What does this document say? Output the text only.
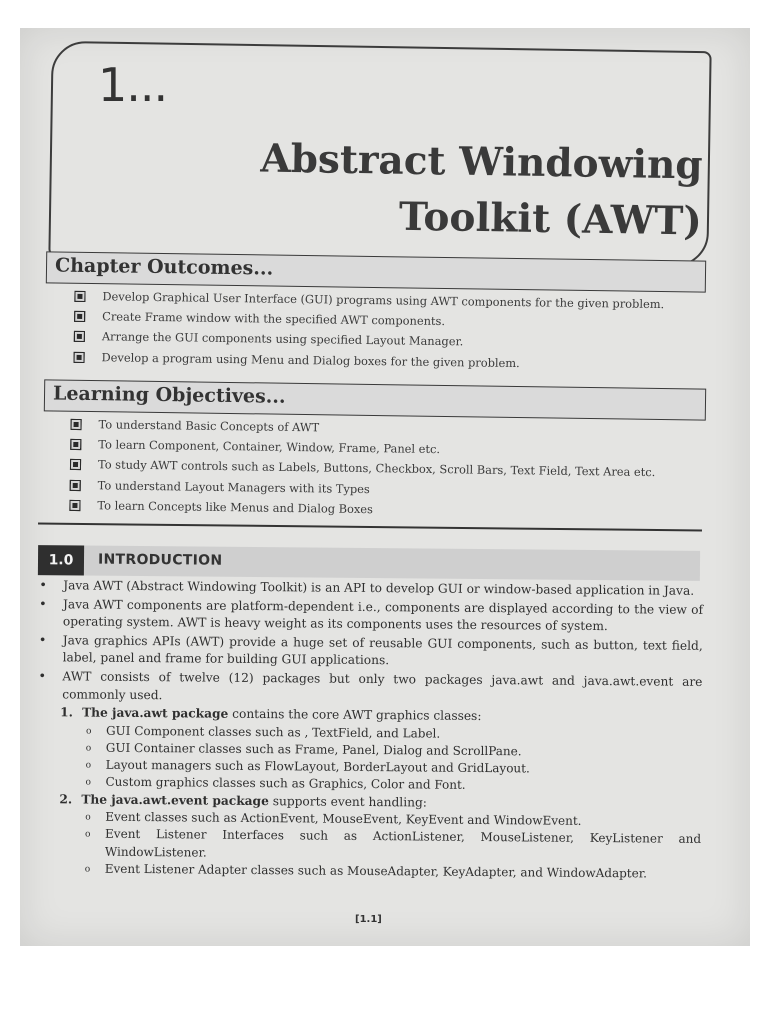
1...
Abstract Windowing
Toolkit (AWT)
Chapter Outcomes...
Develop Graphical User Interface (GUI) programs using AWT components for the given problem.
Create Frame window with the specified AWT components.
Arrange the GUI components using specified Layout Manager.
Develop a program using Menu and Dialog boxes for the given problem.
Learning Objectives...
To understand Basic Concepts of AWT
To learn Component, Container, Window, Frame, Panel etc.
To study AWT controls such as Labels, Buttons, Checkbox, Scroll Bars, Text Field, Text Area etc.
To understand Layout Managers with its Types
To learn Concepts like Menus and Dialog Boxes
1.0	INTRODUCTION

• Java AWT (Abstract Windowing Toolkit) is an API to develop GUI or window-based application in Java.

• Java AWT components are platform-dependent i.e., components are displayed according to the view of operating system. AWT is heavy weight as its components uses the resources of system.

• Java graphics APIs (AWT) provide a huge set of reusable GUI components, such as button, text field, label, panel and frame for building GUI applications.

• AWT consists of twelve (12) packages but only two packages java.awt and java.awt.event are commonly used.

1. The java.awt package contains the core AWT graphics classes:
o GUI Component classes such as , TextField, and Label.
o GUI Container classes such as Frame, Panel, Dialog and ScrollPane.
o Layout managers such as FlowLayout, BorderLayout and GridLayout.
o Custom graphics classes such as Graphics, Color and Font.
2. The java.awt.event package supports event handling:
o Event classes such as ActionEvent, MouseEvent, KeyEvent and WindowEvent.
o Event Listener Interfaces such as ActionListener, MouseListener, KeyListener and WindowListener.
o Event Listener Adapter classes such as MouseAdapter, KeyAdapter, and WindowAdapter.
[1.1]
